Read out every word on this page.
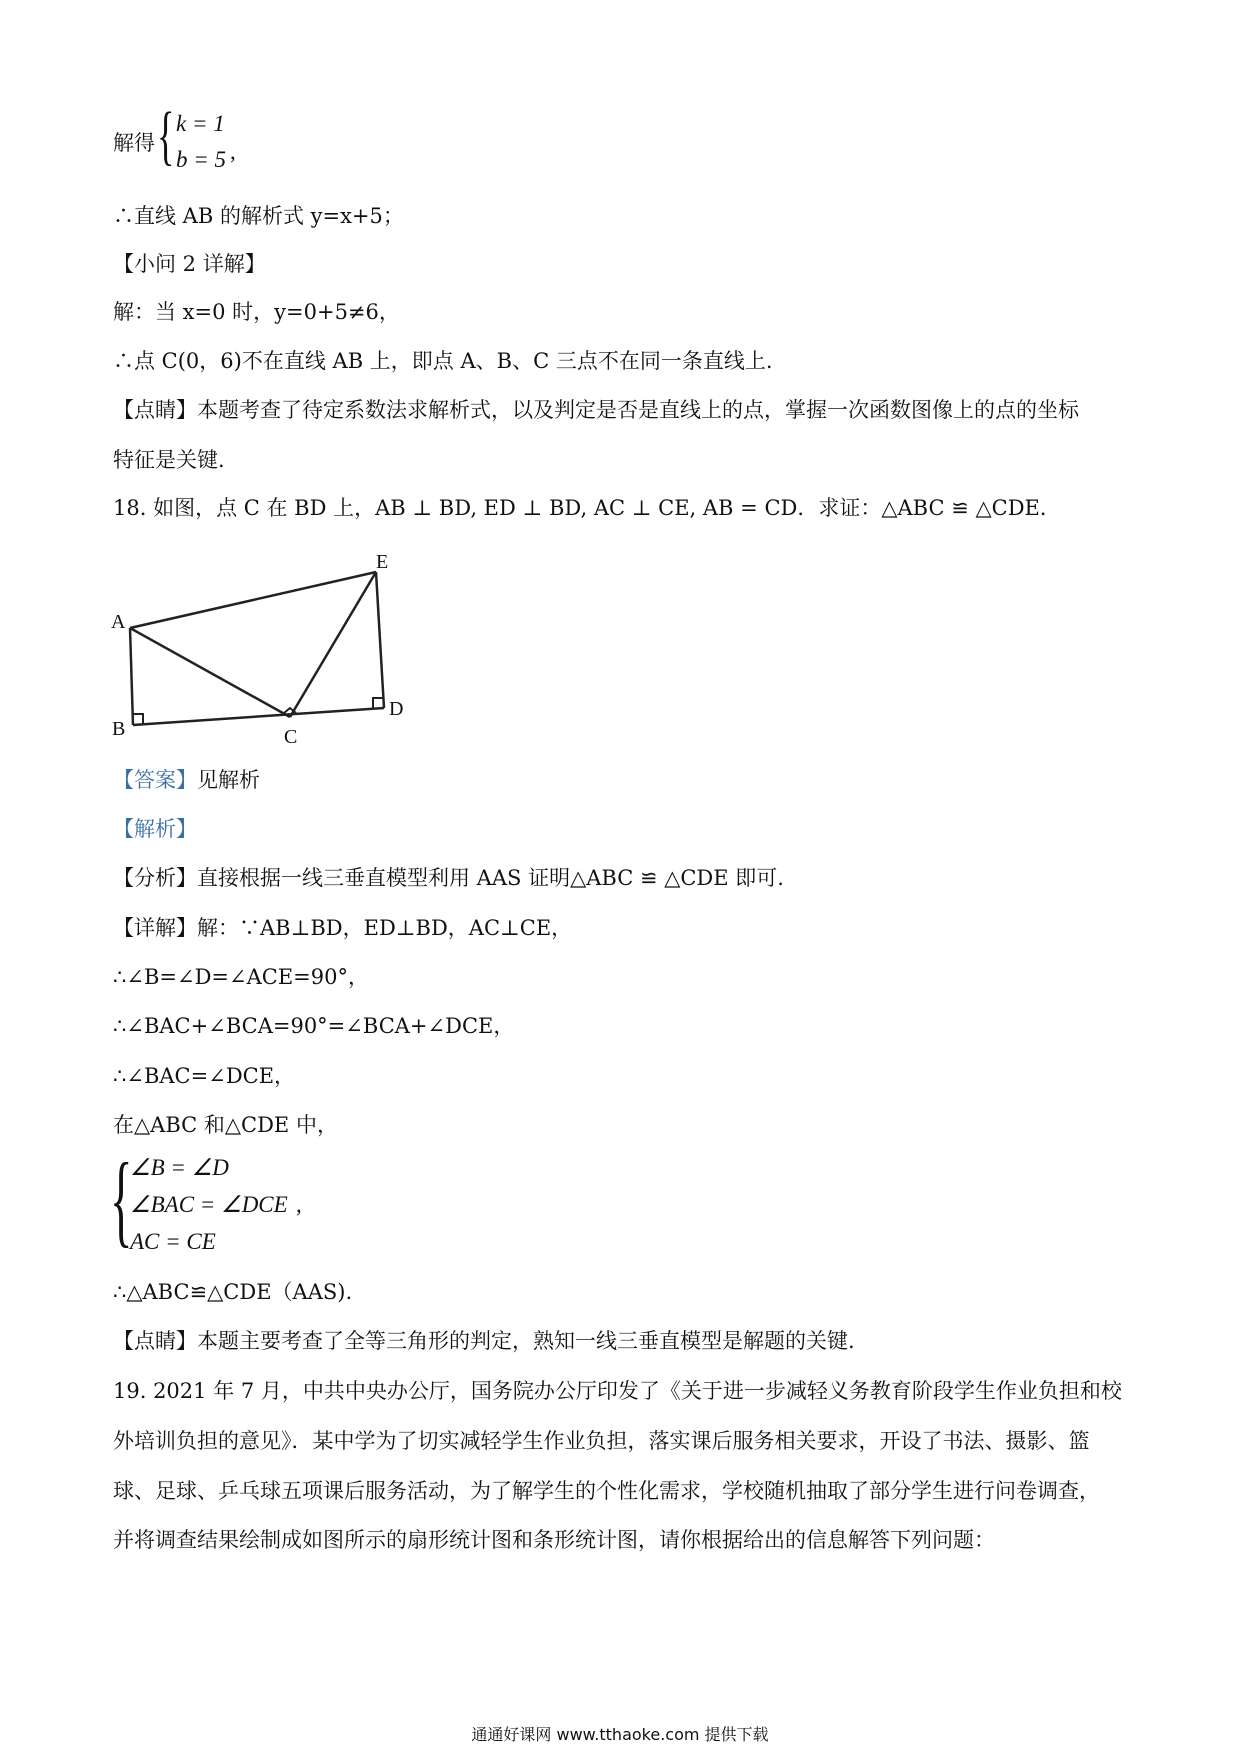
解得 { k = 1
b = 5 ,
∴直线 AB 的解析式 y=x+5；
【小问 2 详解】
解：当 x=0 时，y=0+5≠6，
∴点 C(0，6)不在直线 AB 上，即点 A、B、C 三点不在同一条直线上.
【点睛】本题考查了待定系数法求解析式，以及判定是否是直线上的点，掌握一次函数图像上的点的坐标
特征是关键.
18. 如图，点 C 在 BD 上，AB ⊥ BD, ED ⊥ BD, AC ⊥ CE, AB = CD．求证：△ABC ≌ △CDE．
A
B	C
D
E
【答案】见解析
【解析】
【分析】直接根据一线三垂直模型利用 AAS 证明△ABC ≌ △CDE 即可.
【详解】解：∵AB⊥BD，ED⊥BD，AC⊥CE，
∴∠B=∠D=∠ACE=90°，
∴∠BAC+∠BCA=90°=∠BCA+∠DCE，
∴∠BAC=∠DCE，
在△ABC 和△CDE 中，
{
∠B = ∠D
∠BAC = ∠DCE ,
AC = CE
∴△ABC≌△CDE（AAS).
【点睛】本题主要考查了全等三角形的判定，熟知一线三垂直模型是解题的关键.
19. 2021 年 7 月，中共中央办公厅，国务院办公厅印发了《关于进一步减轻义务教育阶段学生作业负担和校
外培训负担的意见》．某中学为了切实减轻学生作业负担，落实课后服务相关要求，开设了书法、摄影、篮
球、足球、乒乓球五项课后服务活动，为了解学生的个性化需求，学校随机抽取了部分学生进行问卷调查，
并将调查结果绘制成如图所示的扇形统计图和条形统计图，请你根据给出的信息解答下列问题：
通通好课网 www.tthaoke.com 提供下载
